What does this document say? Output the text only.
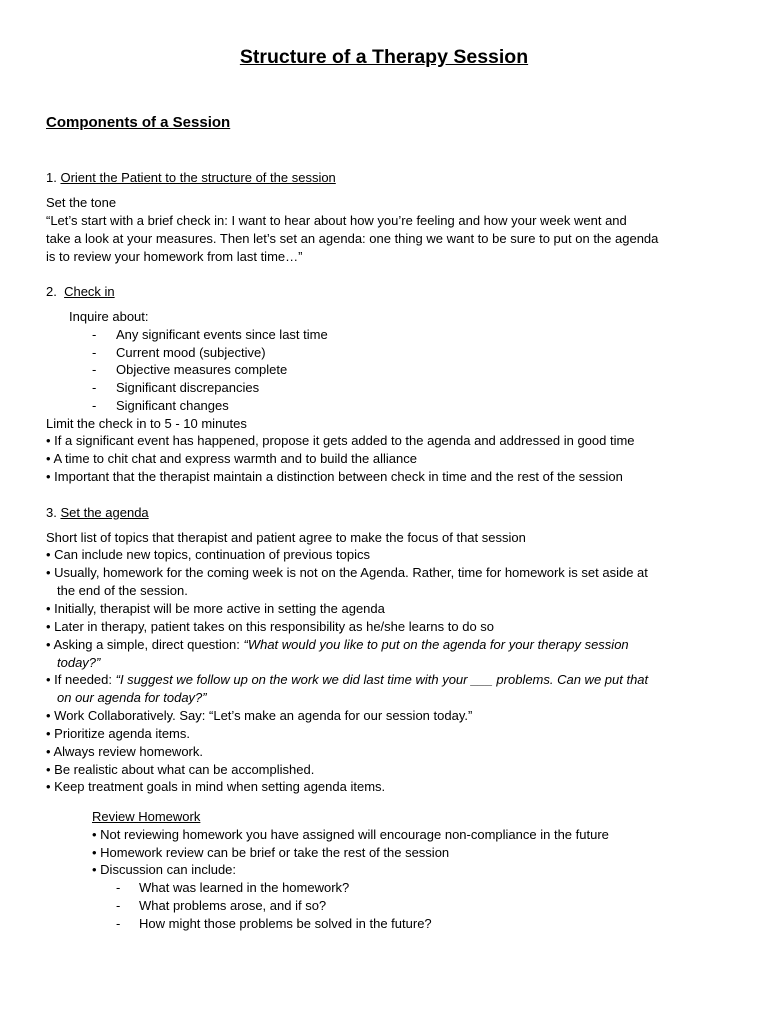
Structure of a Therapy Session
Components of a Session
1. Orient the Patient to the structure of the session
Set the tone
“Let’s start with a brief check in: I want to hear about how you’re feeling and how your week went and
take a look at your measures. Then let’s set an agenda: one thing we want to be sure to put on the agenda
is to review your homework from last time…”
2. Check in
Inquire about:
- Any significant events since last time
- Current mood (subjective)
- Objective measures complete
- Significant discrepancies
- Significant changes
Limit the check in to 5 - 10 minutes
• If a significant event has happened, propose it gets added to the agenda and addressed in good time
• A time to chit chat and express warmth and to build the alliance
• Important that the therapist maintain a distinction between check in time and the rest of the session
3. Set the agenda
Short list of topics that therapist and patient agree to make the focus of that session
• Can include new topics, continuation of previous topics
• Usually, homework for the coming week is not on the Agenda. Rather, time for homework is set aside at
the end of the session.
• Initially, therapist will be more active in setting the agenda
• Later in therapy, patient takes on this responsibility as he/she learns to do so
• Asking a simple, direct question: “What would you like to put on the agenda for your therapy session
today?”
• If needed: “I suggest we follow up on the work we did last time with your ___ problems. Can we put that
on our agenda for today?”
• Work Collaboratively. Say: “Let’s make an agenda for our session today.”
• Prioritize agenda items.
• Always review homework.
• Be realistic about what can be accomplished.
• Keep treatment goals in mind when setting agenda items.
Review Homework
• Not reviewing homework you have assigned will encourage non-compliance in the future
• Homework review can be brief or take the rest of the session
• Discussion can include:
- What was learned in the homework?
- What problems arose, and if so?
- How might those problems be solved in the future?
